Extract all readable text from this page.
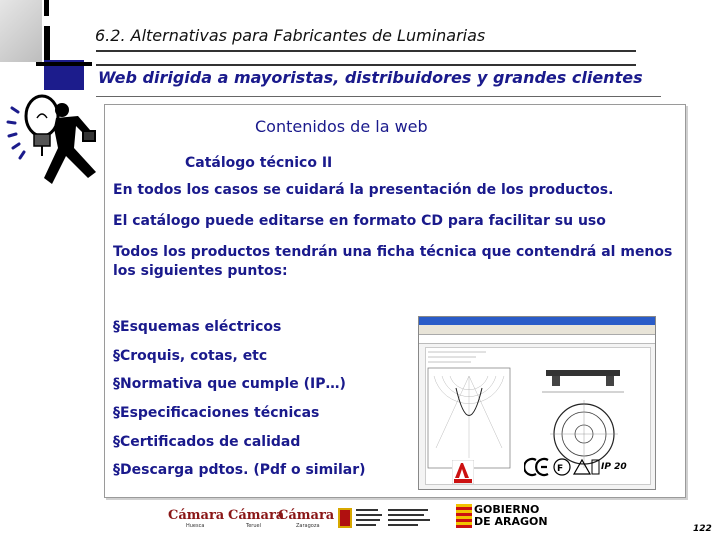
6.2. Alternativas para Fabricantes de Luminarias
Web dirigida a mayoristas, distribuidores y grandes clientes
Contenidos de la web
Catálogo técnico II
En todos los casos se cuidará la presentación de los productos.
El catálogo puede editarse en formato CD para facilitar su uso
Todos los productos tendrán una ficha técnica que contendrá al menos los siguientes puntos:
§Esquemas eléctricos
§Croquis, cotas, etc
§Normativa que cumple (IP…)
§Especificaciones técnicas
§Certificados de calidad
§Descarga pdtos. (Pdf o similar)	F	IP 20
Cámara
Huesca
Cámara
Teruel
Cámara
Zaragoza
GOBIERNO
DE ARAGON
122
